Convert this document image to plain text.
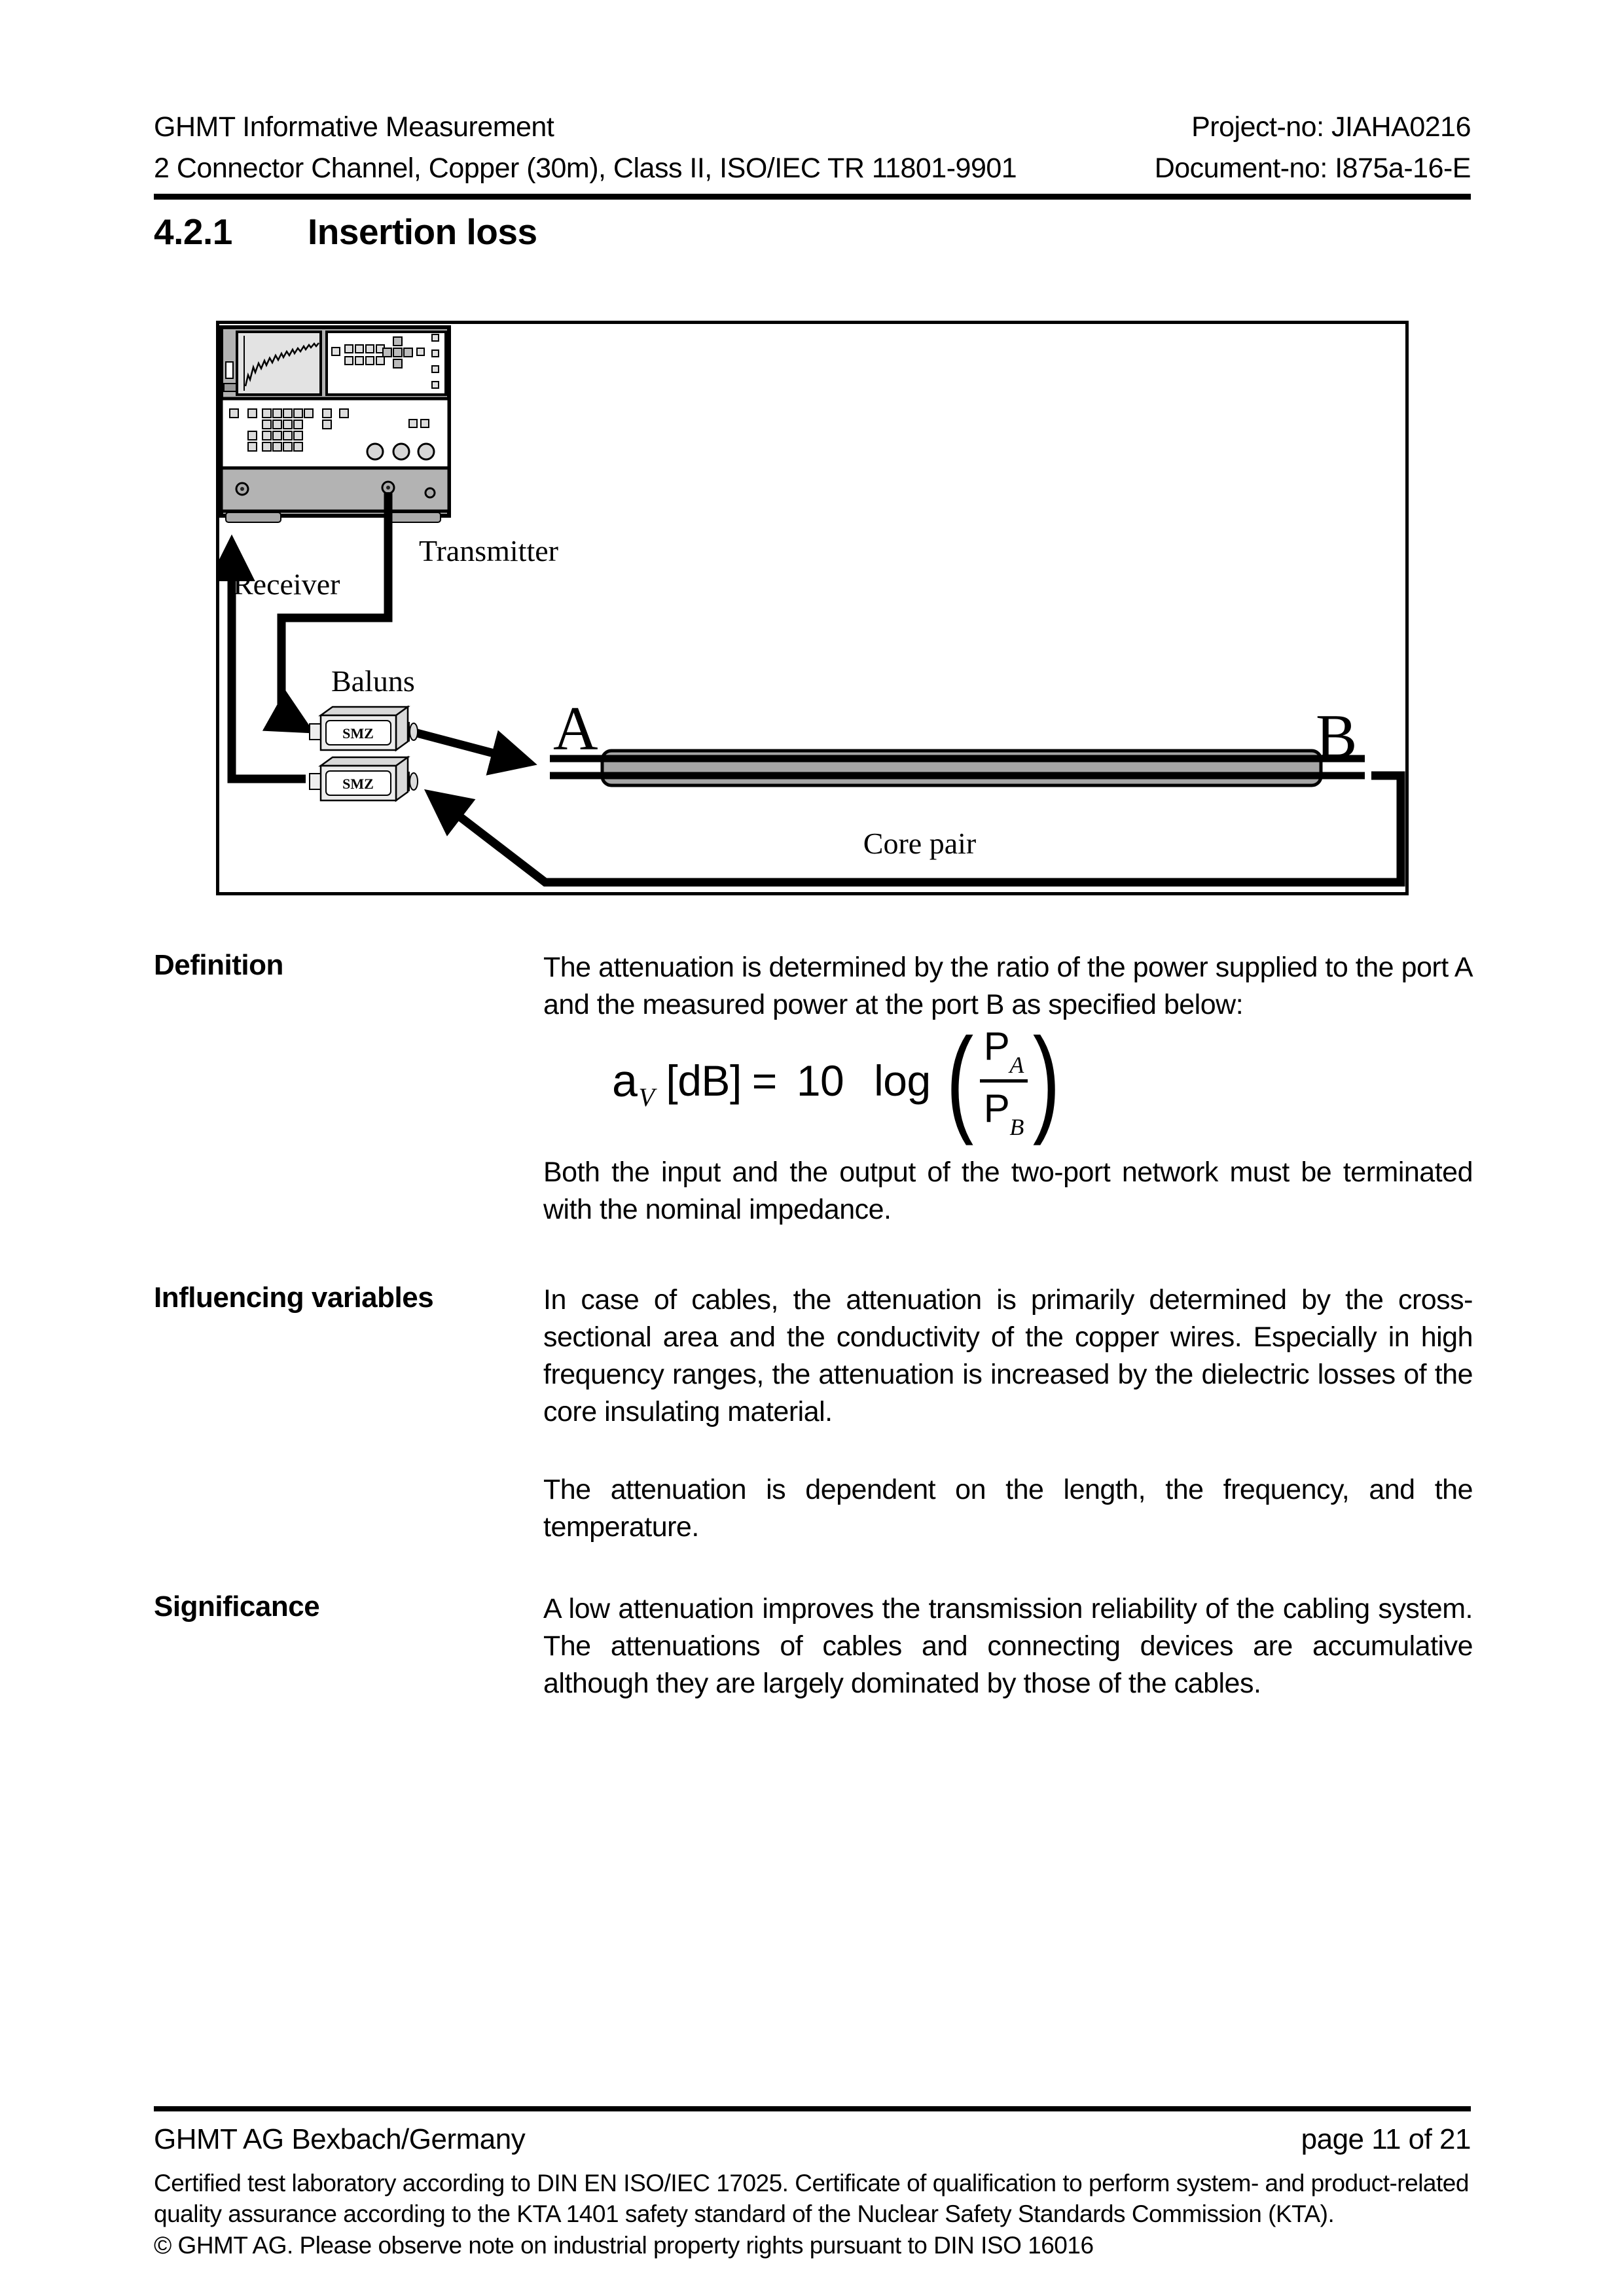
GHMT Informative Measurement	Project-no: JIAHA0216
2 Connector Channel, Copper (30m), Class II, ISO/IEC TR 11801-9901	Document-no: I875a-16-E
4.2.1	Insertion loss
SMZ
SMZ
Transmitter
Receiver
Baluns
A	B
Core pair
Definition	The attenuation is determined by the ratio of the power supplied to the port A and the measured power at the port B as specified below:
a V [dB] = 10 log ( $\frac{PA}{PB}$ )
Both the input and the output of the two-port network must be terminated with the nominal impedance.
Influencing variables	In case of cables, the attenuation is primarily determined by the cross-sectional area and the conductivity of the copper wires. Especially in high frequency ranges, the attenuation is increased by the dielectric losses of the core insulating material.
The attenuation is dependent on the length, the frequency, and the temperature.
Significance	A low attenuation improves the transmission reliability of the cabling system. The attenuations of cables and connecting devices are accumulative although they are largely dominated by those of the cables.
GHMT AG Bexbach/Germany	page 11 of 21
Certified test laboratory according to DIN EN ISO/IEC 17025. Certificate of qualification to perform system- and product-related quality assurance according to the KTA 1401 safety standard of the Nuclear Safety Standards Commission (KTA).
© GHMT AG. Please observe note on industrial property rights pursuant to DIN ISO 16016
